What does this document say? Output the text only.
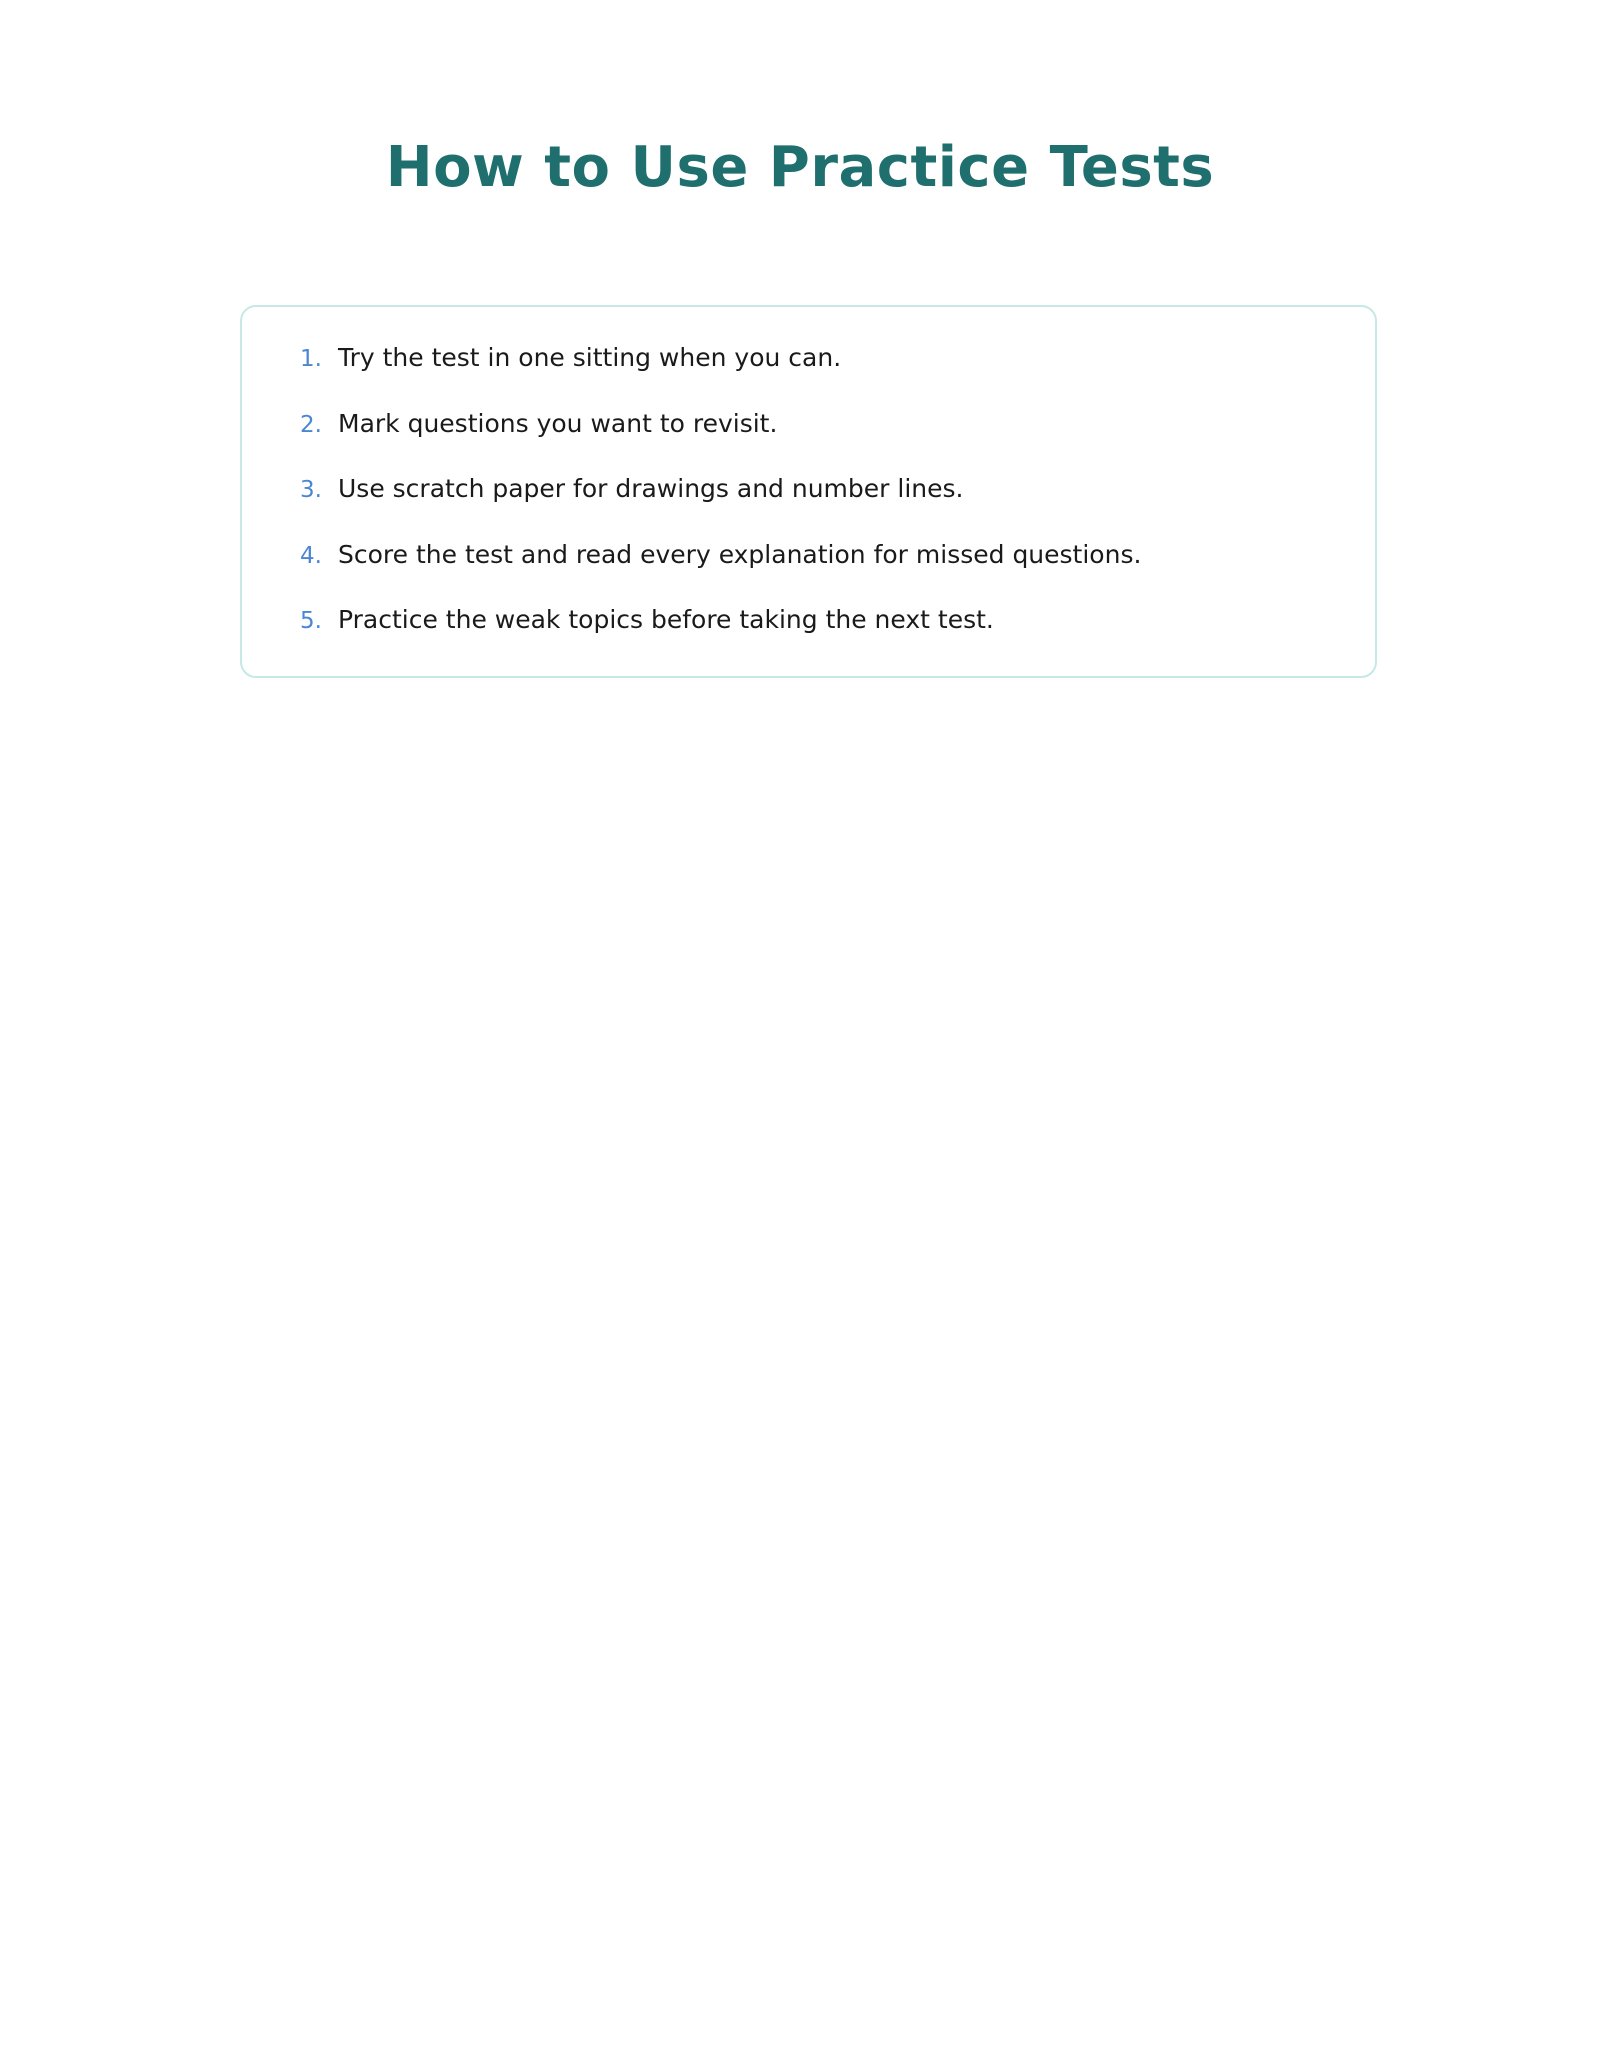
How to Use Practice Tests
1. Try the test in one sitting when you can.
2. Mark questions you want to revisit.
3. Use scratch paper for drawings and number lines.
4. Score the test and read every explanation for missed questions.
5. Practice the weak topics before taking the next test.
